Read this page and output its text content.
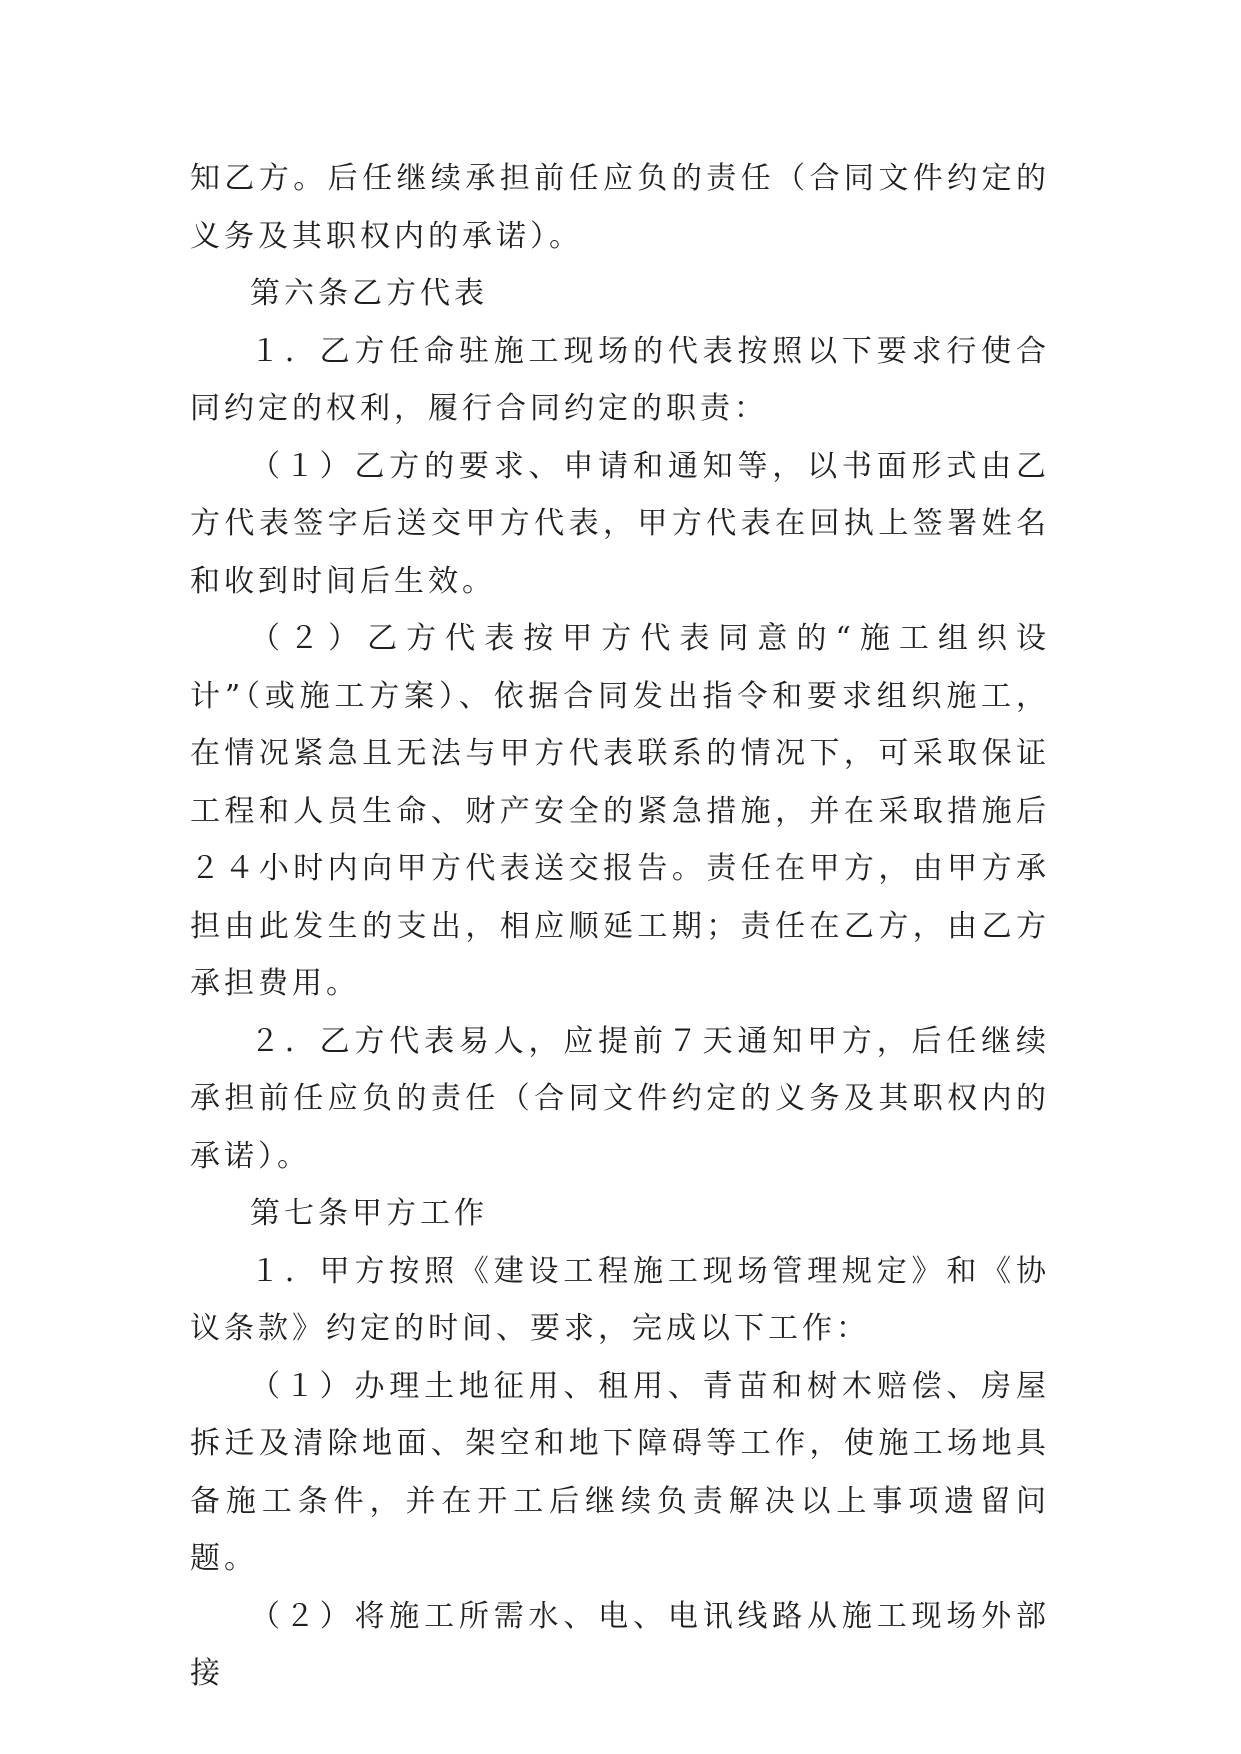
知乙方。后任继续承担前任应负的责任（合同文件约定的义务及其职权内的承诺）。

第六条乙方代表

１．乙方任命驻施工现场的代表按照以下要求行使合同约定的权利，履行合同约定的职责：

（１）乙方的要求、申请和通知等，以书面形式由乙方代表签字后送交甲方代表，甲方代表在回执上签署姓名和收到时间后生效。

（２）乙方代表按甲方代表同意的“施工组织设计”（或施工方案）、依据合同发出指令和要求组织施工，在情况紧急且无法与甲方代表联系的情况下，可采取保证工程和人员生命、财产安全的紧急措施，并在采取措施后２４小时内向甲方代表送交报告。责任在甲方，由甲方承担由此发生的支出，相应顺延工期；责任在乙方，由乙方承担费用。

２．乙方代表易人，应提前７天通知甲方，后任继续承担前任应负的责任（合同文件约定的义务及其职权内的承诺）。

第七条甲方工作

１．甲方按照《建设工程施工现场管理规定》和《协议条款》约定的时间、要求，完成以下工作：

（１）办理土地征用、租用、青苗和树木赔偿、房屋拆迁及清除地面、架空和地下障碍等工作，使施工场地具备施工条件，并在开工后继续负责解决以上事项遗留问题。

（２）将施工所需水、电、电讯线路从施工现场外部接
